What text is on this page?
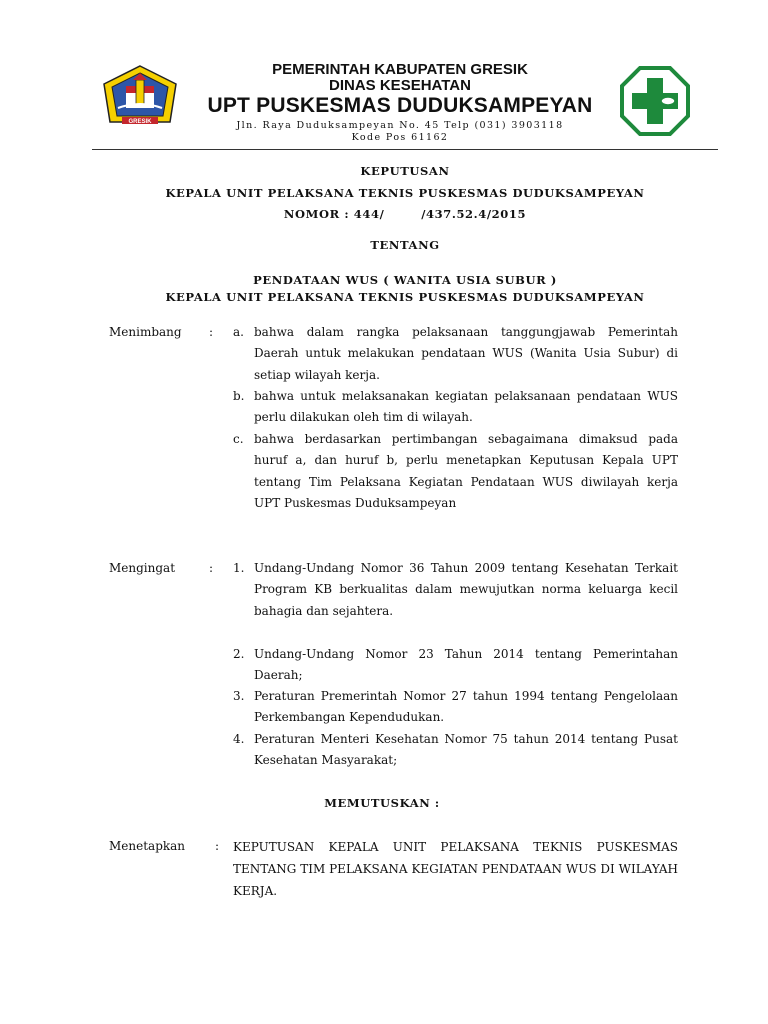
GRESIK
PEMERINTAH KABUPATEN GRESIK
DINAS KESEHATAN
UPT PUSKESMAS DUDUKSAMPEYAN
Jln. Raya Duduksampeyan No. 45 Telp (031) 3903118
Kode Pos 61162
KEPUTUSAN
KEPALA UNIT PELAKSANA TEKNIS PUSKESMAS DUDUKSAMPEYAN
NOMOR : 444/        /437.52.4/2015
TENTANG
PENDATAAN WUS ( WANITA USIA SUBUR )
KEPALA UNIT PELAKSANA TEKNIS PUSKESMAS DUDUKSAMPEYAN
Menimbang : a. bahwa dalam rangka pelaksanaan tanggungjawab Pemerintah Daerah untuk melakukan pendataan WUS (Wanita Usia Subur) di setiap wilayah kerja.
b. bahwa untuk melaksanakan kegiatan pelaksanaan pendataan WUS perlu dilakukan oleh tim di wilayah.
c. bahwa berdasarkan pertimbangan sebagaimana dimaksud pada huruf a, dan huruf b, perlu menetapkan Keputusan Kepala UPT tentang Tim Pelaksana Kegiatan Pendataan WUS diwilayah kerja UPT Puskesmas Duduksampeyan
Mengingat	: 1. Undang-Undang Nomor 36 Tahun 2009 tentang Kesehatan Terkait Program KB berkualitas dalam mewujutkan norma keluarga kecil bahagia dan sejahtera.
2. Undang-Undang Nomor 23 Tahun 2014 tentang Pemerintahan Daerah;
3. Peraturan Premerintah Nomor 27 tahun 1994 tentang Pengelolaan Perkembangan Kependudukan.
4. Peraturan Menteri Kesehatan Nomor 75 tahun 2014 tentang Pusat Kesehatan Masyarakat;
MEMUTUSKAN :
Menetapkan : KEPUTUSAN KEPALA UNIT PELAKSANA TEKNIS PUSKESMAS TENTANG TIM PELAKSANA KEGIATAN PENDATAAN WUS DI WILAYAH KERJA.
